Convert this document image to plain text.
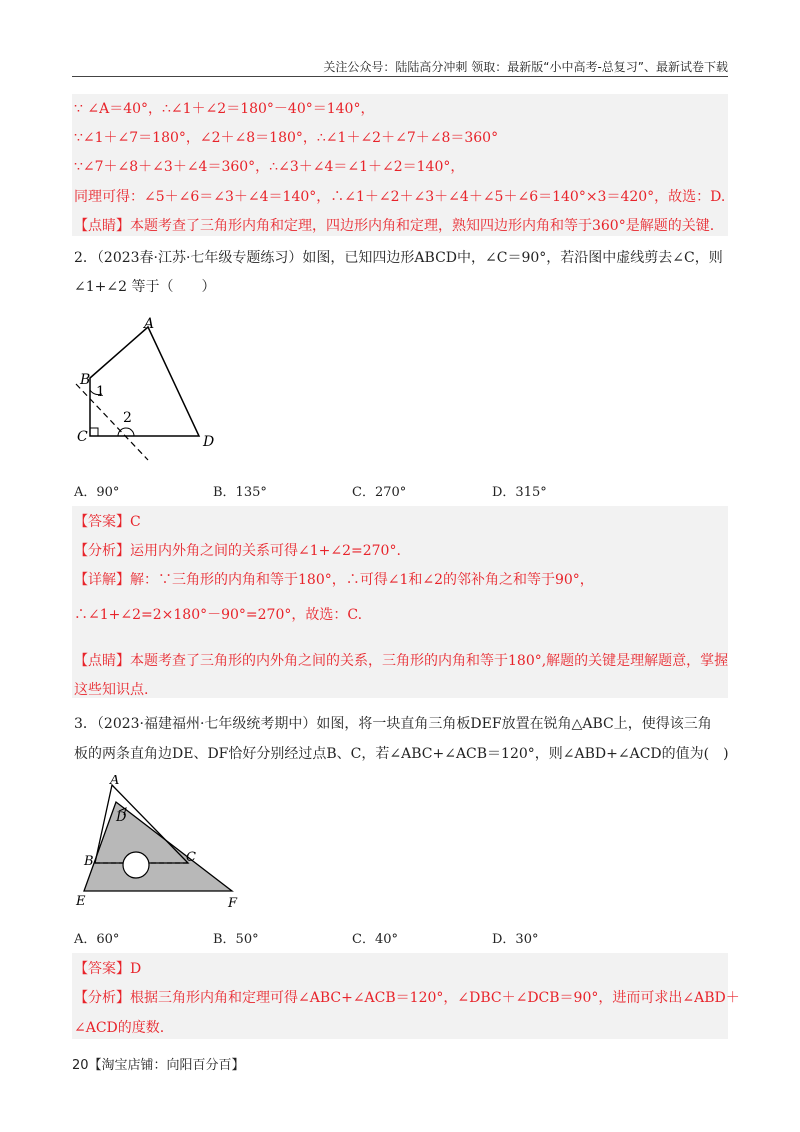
关注公众号：陆陆高分冲刺 领取：最新版“小中高考-总复习”、最新试卷下载
∵ ∠A＝40°，∴∠1＋∠2＝180°－40°＝140°，
∵∠1＋∠7＝180°，∠2＋∠8＝180°，∴∠1＋∠2＋∠7＋∠8＝360°
∵∠7＋∠8＋∠3＋∠4＝360°，∴∠3＋∠4＝∠1＋∠2＝140°，
同理可得：∠5＋∠6＝∠3＋∠4＝140°，∴∠1＋∠2＋∠3＋∠4＋∠5＋∠6＝140°×3＝420°，故选：D.
【点睛】本题考查了三角形内角和定理，四边形内角和定理，熟知四边形内角和等于360°是解题的关键.
2．（2023春·江苏·七年级专题练习）如图，已知四边形ABCD中，∠C＝90°，若沿图中虚线剪去∠C，则
∠1+∠2 等于（　　）
A
B
C	D
1
2
A．90°	B．135°	C．270°	D．315°
【答案】C
【分析】运用内外角之间的关系可得∠1+∠2=270°.
【详解】解：∵三角形的内角和等于180°，∴可得∠1和∠2的邻补角之和等于90°，
∴∠1+∠2=2×180°－90°=270°，故选：C.
【点睛】本题考查了三角形的内外角之间的关系，三角形的内角和等于180°,解题的关键是理解题意，掌握
这些知识点.
3．（2023·福建福州·七年级统考期中）如图，将一块直角三角板DEF放置在锐角△ABC上，使得该三角
板的两条直角边DE、DF恰好分别经过点B、C，若∠ABC+∠ACB＝120°，则∠ABD+∠ACD的值为(　)
A
B	C
D
E	F
A．60°	B．50°	C．40°	D．30°
【答案】D
【分析】根据三角形内角和定理可得∠ABC+∠ACB＝120°，∠DBC＋∠DCB＝90°，进而可求出∠ABD＋
∠ACD的度数.
20【淘宝店铺：向阳百分百】
